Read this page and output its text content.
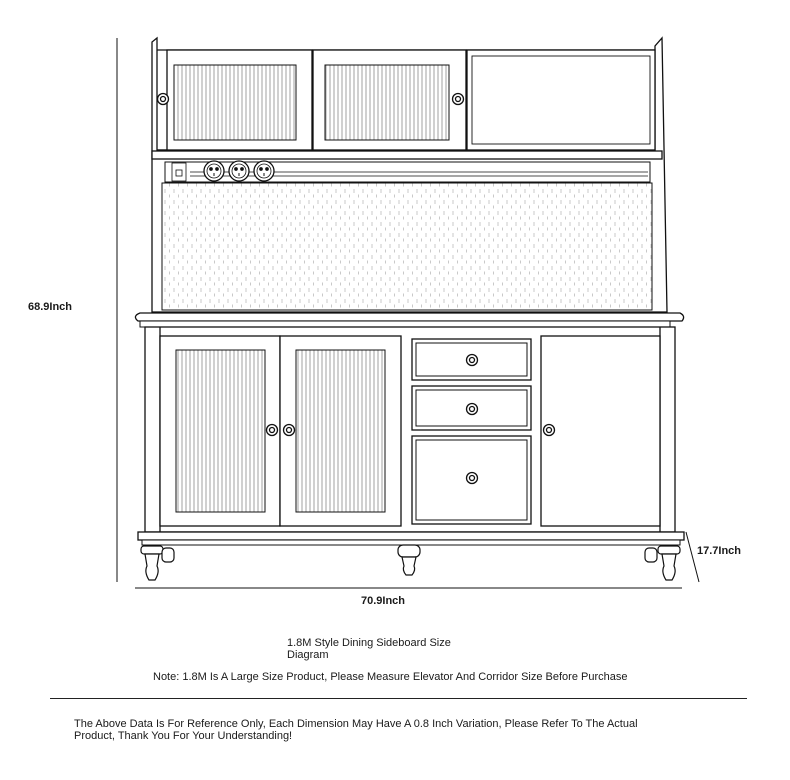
68.9Inch
70.9Inch
17.7Inch
1.8M Style Dining Sideboard Size
Diagram
Note: 1.8M Is A Large Size Product, Please Measure Elevator And Corridor Size Before Purchase
The Above Data Is For Reference Only, Each Dimension May Have A 0.8 Inch Variation, Please Refer To The Actual
Product, Thank You For Your Understanding!
